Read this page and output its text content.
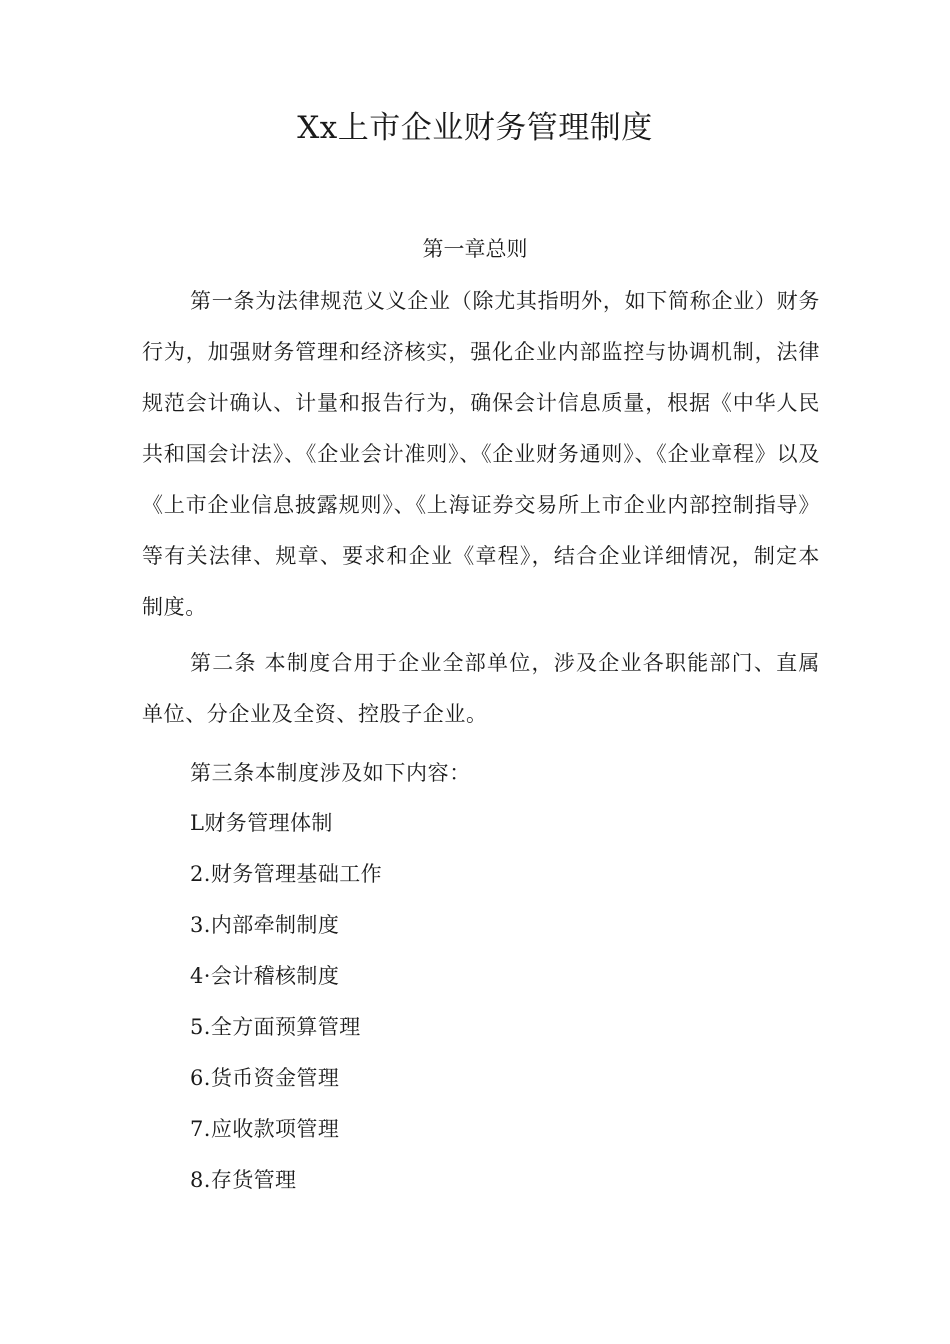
Xx上市企业财务管理制度
第一章总则

第一条为法律规范义义企业（除尤其指明外，如下简称企业）财务行为，加强财务管理和经济核实，强化企业内部监控与协调机制，法律规范会计确认、计量和报告行为，确保会计信息质量，根据《中华人民共和国会计法》、《企业会计准则》、《企业财务通则》、《企业章程》以及《上市企业信息披露规则》、《上海证券交易所上市企业内部控制指导》等有关法律、规章、要求和企业《章程》，结合企业详细情况，制定本制度。

第二条 本制度合用于企业全部单位，涉及企业各职能部门、直属单位、分企业及全资、控股子企业。

第三条本制度涉及如下内容：

L财务管理体制
2.财务管理基础工作
3.内部牵制制度
4·会计稽核制度
5.全方面预算管理
6.货币资金管理
7.应收款项管理
8.存货管理
